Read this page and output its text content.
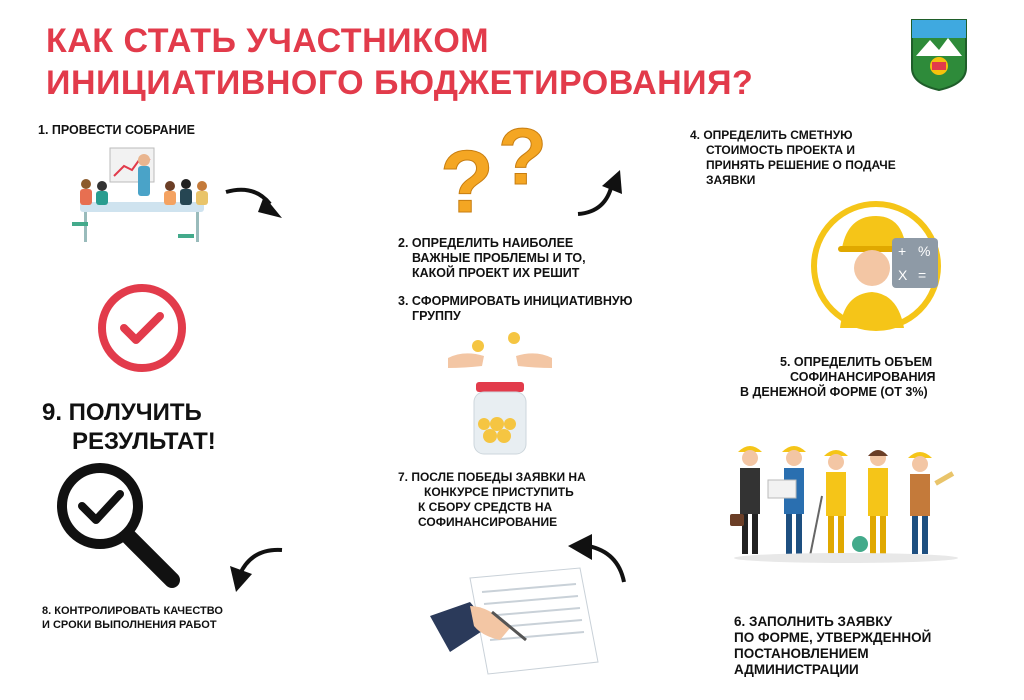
КАК СТАТЬ УЧАСТНИКОМ
ИНИЦИАТИВНОГО БЮДЖЕТИРОВАНИЯ?
1. ПРОВЕСТИ СОБРАНИЕ
? ?	4. ОПРЕДЕЛИТЬ СМЕТНУЮ
СТОИМОСТЬ ПРОЕКТА И
ПРИНЯТЬ РЕШЕНИЕ О ПОДАЧЕ
ЗАЯВКИ
2. ОПРЕДЕЛИТЬ НАИБОЛЕЕ
ВАЖНЫЕ ПРОБЛЕМЫ И ТО,
КАКОЙ ПРОЕКТ ИХ РЕШИТ
3. СФОРМИРОВАТЬ ИНИЦИАТИВНУЮ
ГРУППУ
+ %
X =
5. ОПРЕДЕЛИТЬ ОБЪЕМ
СОФИНАНСИРОВАНИЯ
В ДЕНЕЖНОЙ ФОРМЕ (ОТ 3%)
9. ПОЛУЧИТЬ
РЕЗУЛЬТАТ!
7. ПОСЛЕ ПОБЕДЫ ЗАЯВКИ НА
КОНКУРСЕ ПРИСТУПИТЬ
К СБОРУ СРЕДСТВ НА
СОФИНАНСИРОВАНИЕ
8. КОНТРОЛИРОВАТЬ КАЧЕСТВО
И СРОКИ ВЫПОЛНЕНИЯ РАБОТ	6. ЗАПОЛНИТЬ ЗАЯВКУ
ПО ФОРМЕ, УТВЕРЖДЕННОЙ
ПОСТАНОВЛЕНИЕМ
АДМИНИСТРАЦИИ
